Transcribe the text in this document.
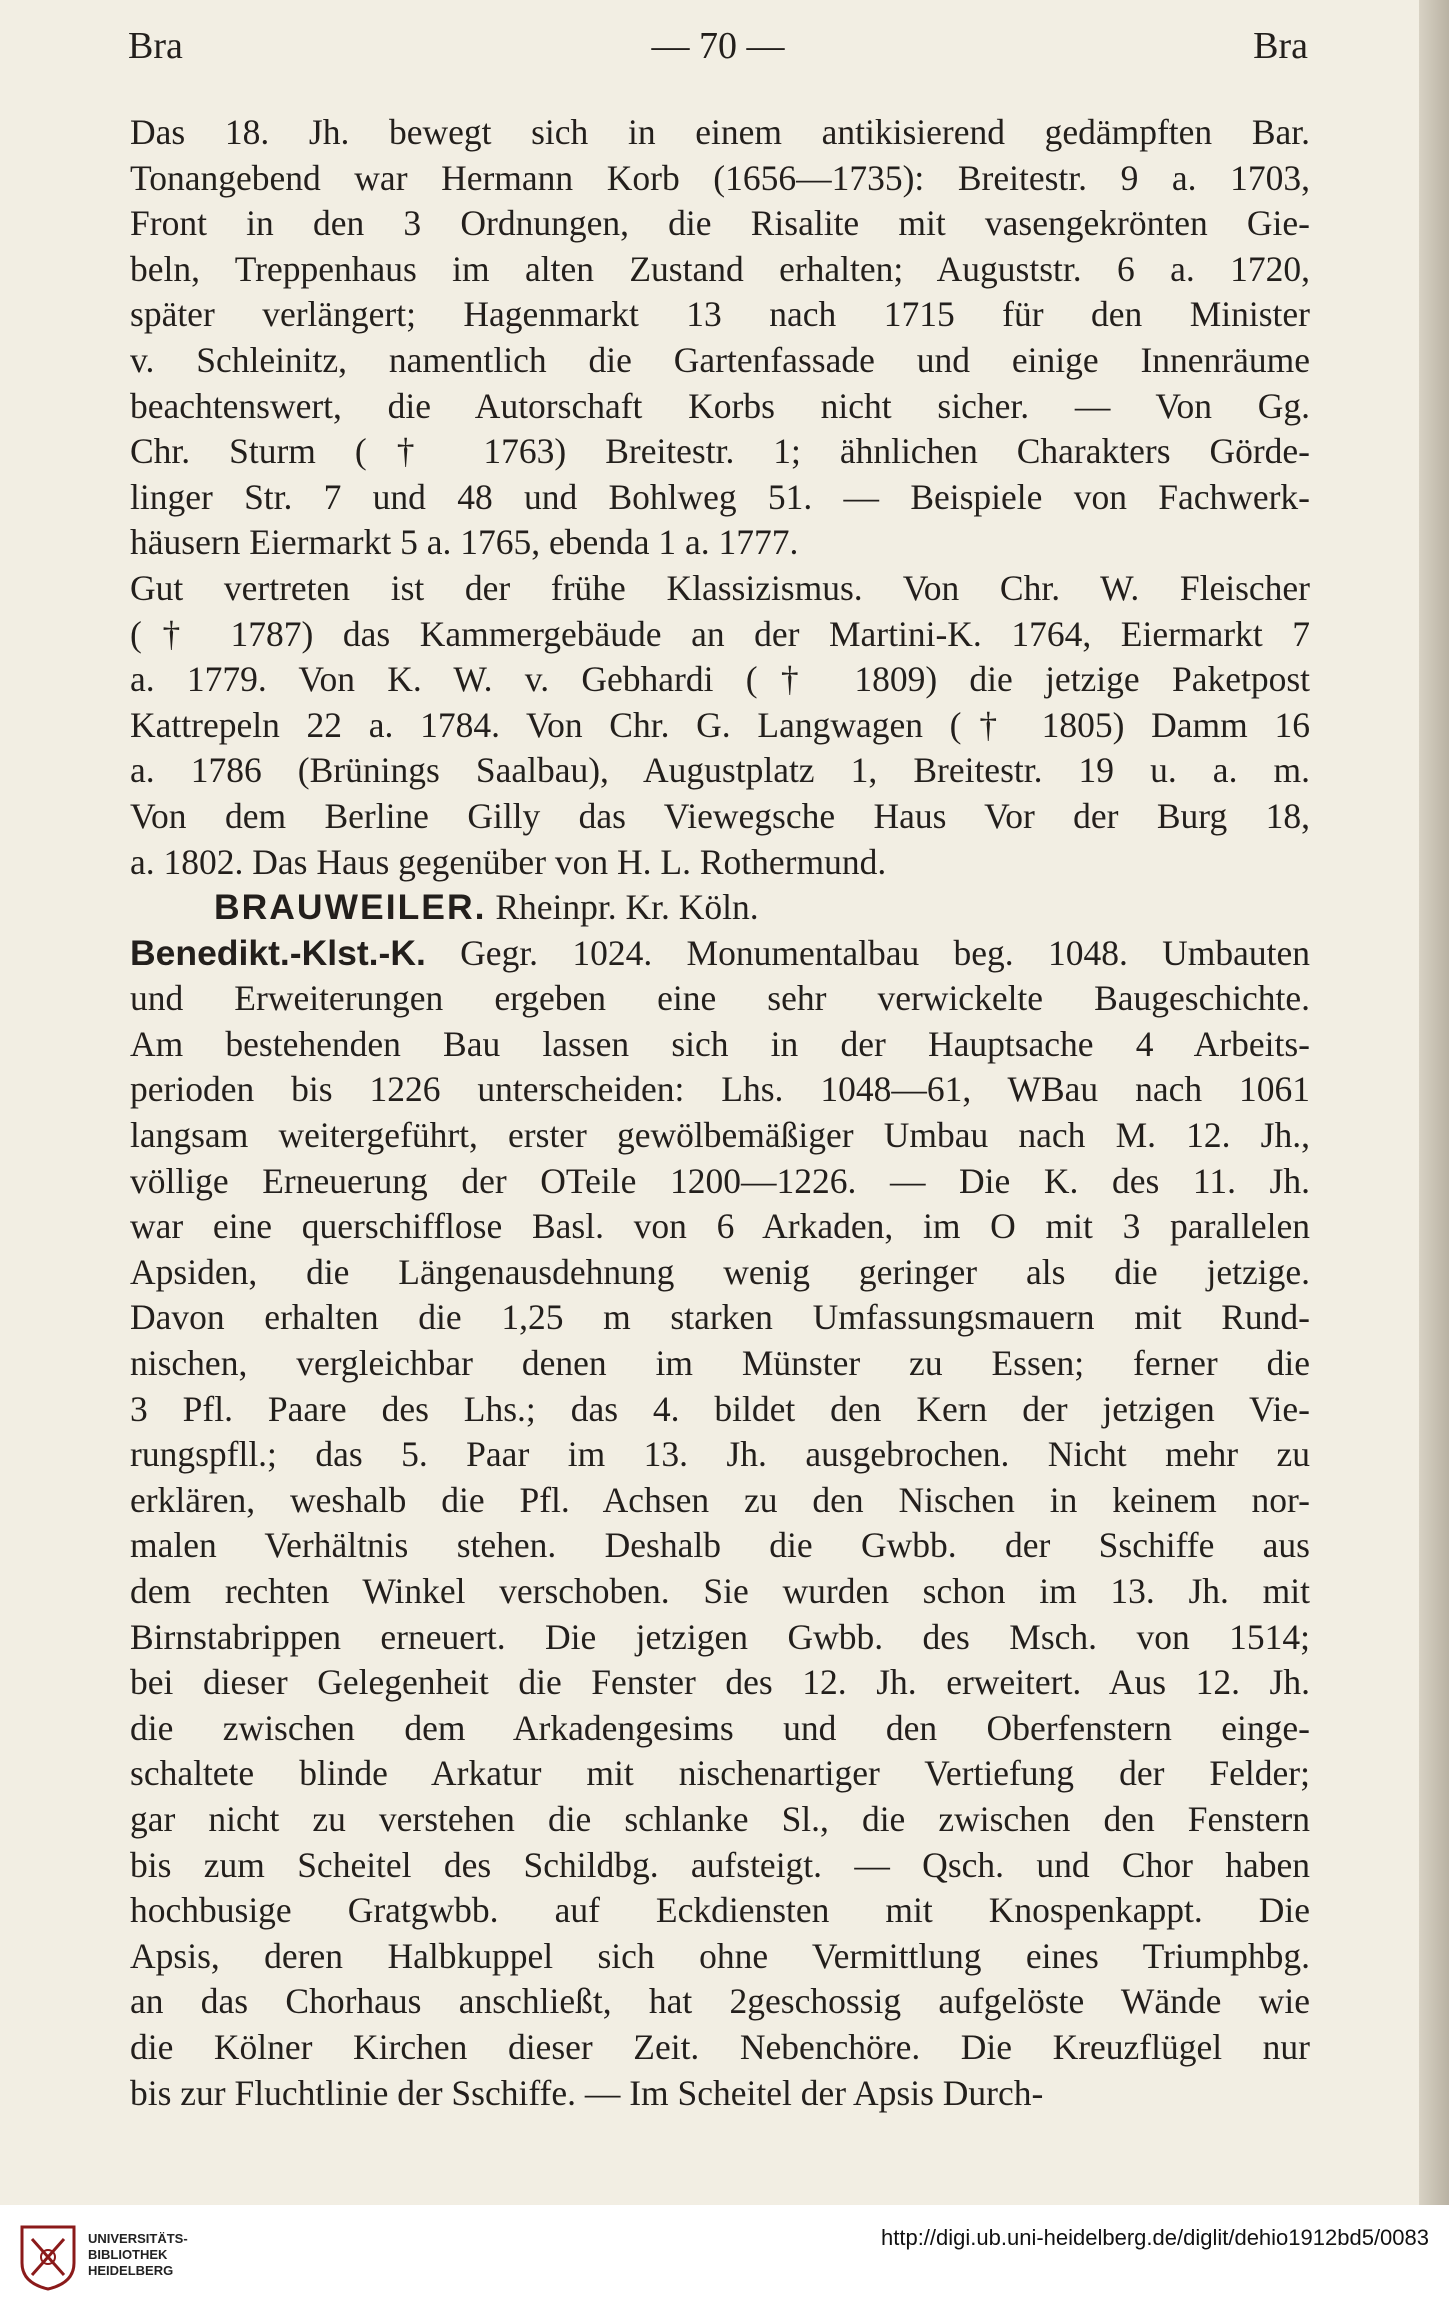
Bra	— 70 —	Bra
Das 18. Jh. bewegt sich in einem antikisierend gedämpften Bar.
Tonangebend war Hermann Korb (1656—1735): Breitestr. 9 a. 1703,
Front in den 3 Ordnungen, die Risalite mit vasengekrönten Gie-
beln, Treppenhaus im alten Zustand erhalten; Auguststr. 6 a. 1720,
später verlängert; Hagenmarkt 13 nach 1715 für den Minister
v. Schleinitz, namentlich die Gartenfassade und einige Innenräume
beachtenswert, die Autorschaft Korbs nicht sicher. — Von Gg.
Chr. Sturm († 1763) Breitestr. 1; ähnlichen Charakters Görde-
linger Str. 7 und 48 und Bohlweg 51. — Beispiele von Fachwerk-
häusern Eiermarkt 5 a. 1765, ebenda 1 a. 1777.
Gut vertreten ist der frühe Klassizismus. Von Chr. W. Fleischer
(† 1787) das Kammergebäude an der Martini-K. 1764, Eiermarkt 7
a. 1779. Von K. W. v. Gebhardi († 1809) die jetzige Paketpost
Kattrepeln 22 a. 1784. Von Chr. G. Langwagen († 1805) Damm 16
a. 1786 (Brünings Saalbau), Augustplatz 1, Breitestr. 19 u. a. m.
Von dem Berline Gilly das Viewegsche Haus Vor der Burg 18,
a. 1802. Das Haus gegenüber von H. L. Rothermund.
BRAUWEILER. Rheinpr. Kr. Köln.
Benedikt.-Klst.-K. Gegr. 1024. Monumentalbau beg. 1048. Umbauten
und Erweiterungen ergeben eine sehr verwickelte Baugeschichte.
Am bestehenden Bau lassen sich in der Hauptsache 4 Arbeits-
perioden bis 1226 unterscheiden: Lhs. 1048—61, WBau nach 1061
langsam weitergeführt, erster gewölbemäßiger Umbau nach M. 12. Jh.,
völlige Erneuerung der OTeile 1200—1226. — Die K. des 11. Jh.
war eine querschifflose Basl. von 6 Arkaden, im O mit 3 parallelen
Apsiden, die Längenausdehnung wenig geringer als die jetzige.
Davon erhalten die 1,25 m starken Umfassungsmauern mit Rund-
nischen, vergleichbar denen im Münster zu Essen; ferner die
3 Pfl. Paare des Lhs.; das 4. bildet den Kern der jetzigen Vie-
rungspfll.; das 5. Paar im 13. Jh. ausgebrochen. Nicht mehr zu
erklären, weshalb die Pfl. Achsen zu den Nischen in keinem nor-
malen Verhältnis stehen. Deshalb die Gwbb. der Sschiffe aus
dem rechten Winkel verschoben. Sie wurden schon im 13. Jh. mit
Birnstabrippen erneuert. Die jetzigen Gwbb. des Msch. von 1514;
bei dieser Gelegenheit die Fenster des 12. Jh. erweitert. Aus 12. Jh.
die zwischen dem Arkadengesims und den Oberfenstern einge-
schaltete blinde Arkatur mit nischenartiger Vertiefung der Felder;
gar nicht zu verstehen die schlanke Sl., die zwischen den Fenstern
bis zum Scheitel des Schildbg. aufsteigt. — Qsch. und Chor haben
hochbusige Gratgwbb. auf Eckdiensten mit Knospenkappt. Die
Apsis, deren Halbkuppel sich ohne Vermittlung eines Triumphbg.
an das Chorhaus anschließt, hat 2geschossig aufgelöste Wände wie
die Kölner Kirchen dieser Zeit. Nebenchöre. Die Kreuzflügel nur
bis zur Fluchtlinie der Sschiffe. — Im Scheitel der Apsis Durch-
UNIVERSITÄTS-
BIBLIOTHEK
HEIDELBERG
http://digi.ub.uni-heidelberg.de/diglit/dehio1912bd5/0083
